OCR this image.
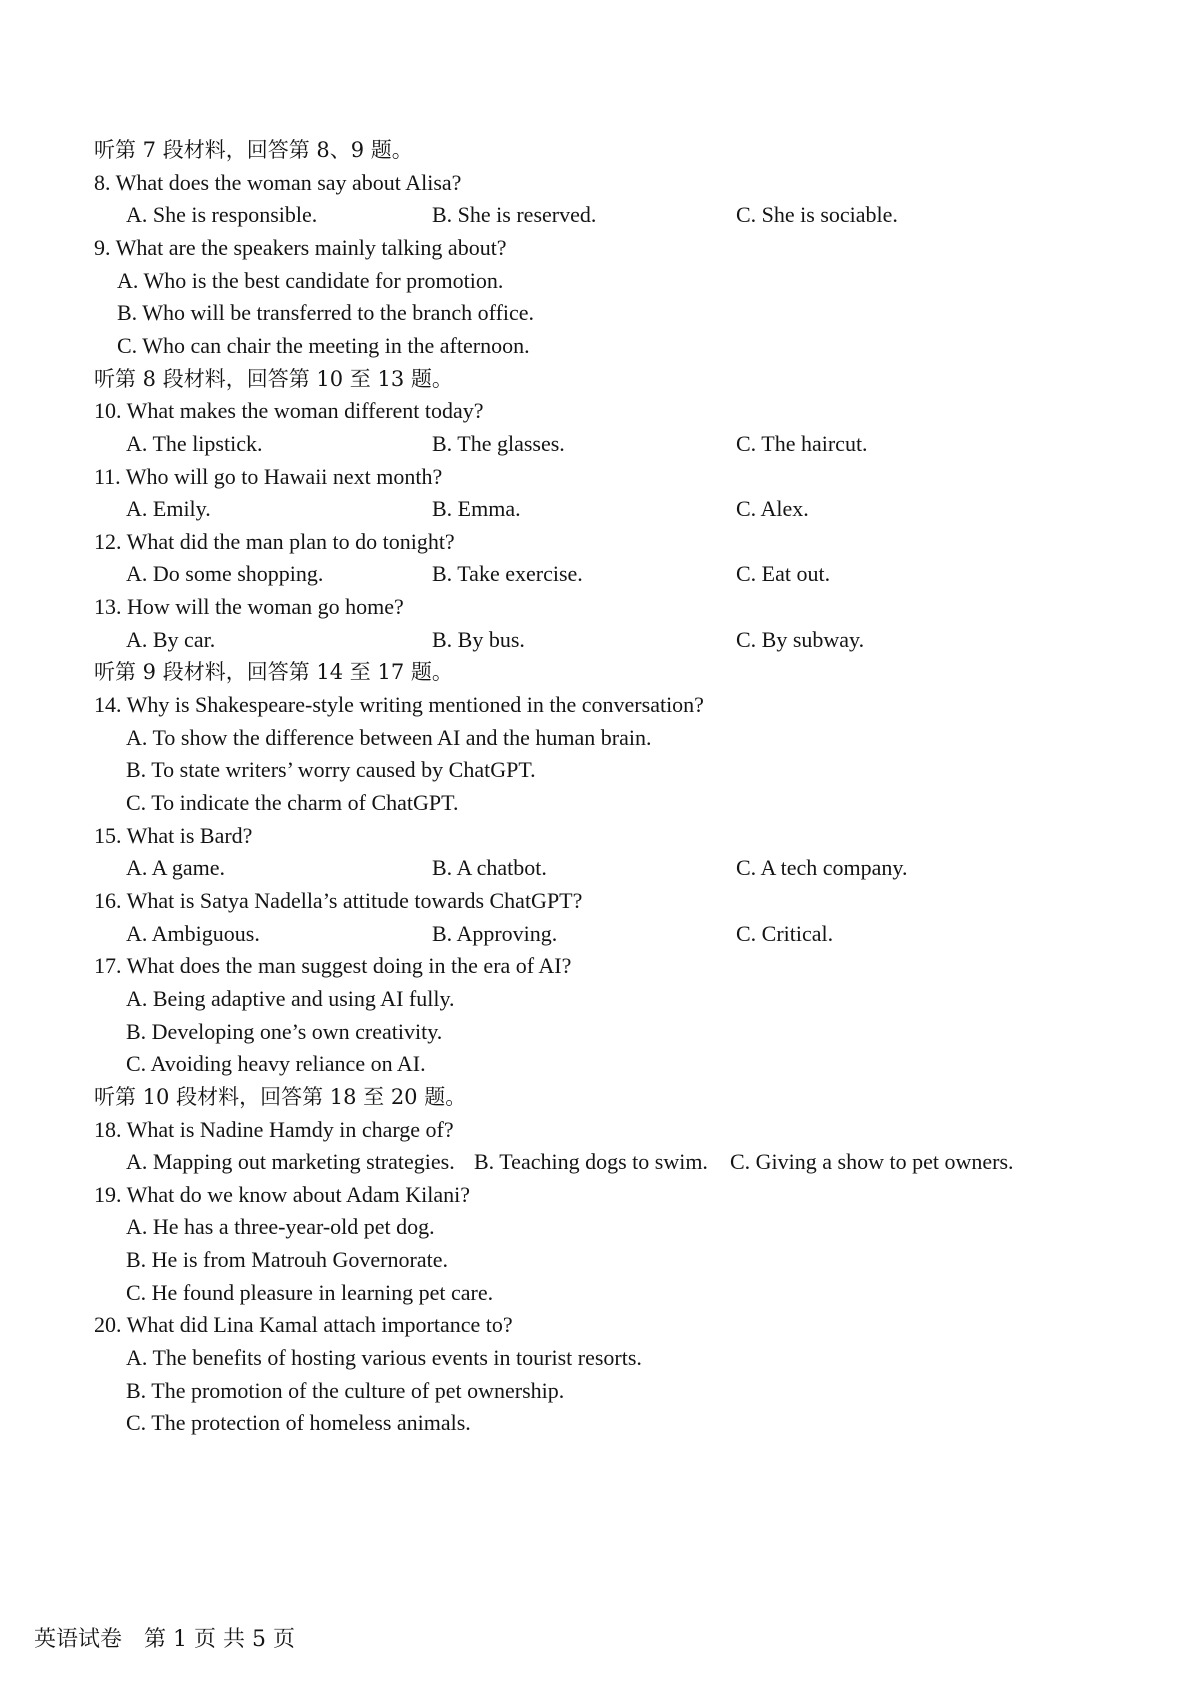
听第 7 段材料，回答第 8、9 题。
8. What does the woman say about Alisa?
A. She is responsible.	B. She is reserved.	C. She is sociable.
9. What are the speakers mainly talking about?
A. Who is the best candidate for promotion.
B. Who will be transferred to the branch office.
C. Who can chair the meeting in the afternoon.
听第 8 段材料，回答第 10 至 13 题。
10. What makes the woman different today?
A. The lipstick.	B. The glasses.	C. The haircut.
11. Who will go to Hawaii next month?
A. Emily.	B. Emma.	C. Alex.
12. What did the man plan to do tonight?
A. Do some shopping.	B. Take exercise.	C. Eat out.
13. How will the woman go home?
A. By car.	B. By bus.	C. By subway.
听第 9 段材料，回答第 14 至 17 题。
14. Why is Shakespeare-style writing mentioned in the conversation?
A. To show the difference between AI and the human brain.
B. To state writers’ worry caused by ChatGPT.
C. To indicate the charm of ChatGPT.
15. What is Bard?
A. A game.	B. A chatbot.	C. A tech company.
16. What is Satya Nadella’s attitude towards ChatGPT?
A. Ambiguous.	B. Approving.	C. Critical.
17. What does the man suggest doing in the era of AI?
A. Being adaptive and using AI fully.
B. Developing one’s own creativity.
C. Avoiding heavy reliance on AI.
听第 10 段材料，回答第 18 至 20 题。
18. What is Nadine Hamdy in charge of?
A. Mapping out marketing strategies. B. Teaching dogs to swim. C. Giving a show to pet owners.
19. What do we know about Adam Kilani?
A. He has a three-year-old pet dog.
B. He is from Matrouh Governorate.
C. He found pleasure in learning pet care.
20. What did Lina Kamal attach importance to?
A. The benefits of hosting various events in tourist resorts.
B. The promotion of the culture of pet ownership.
C. The protection of homeless animals.
英语试卷　第 1 页 共 5 页
